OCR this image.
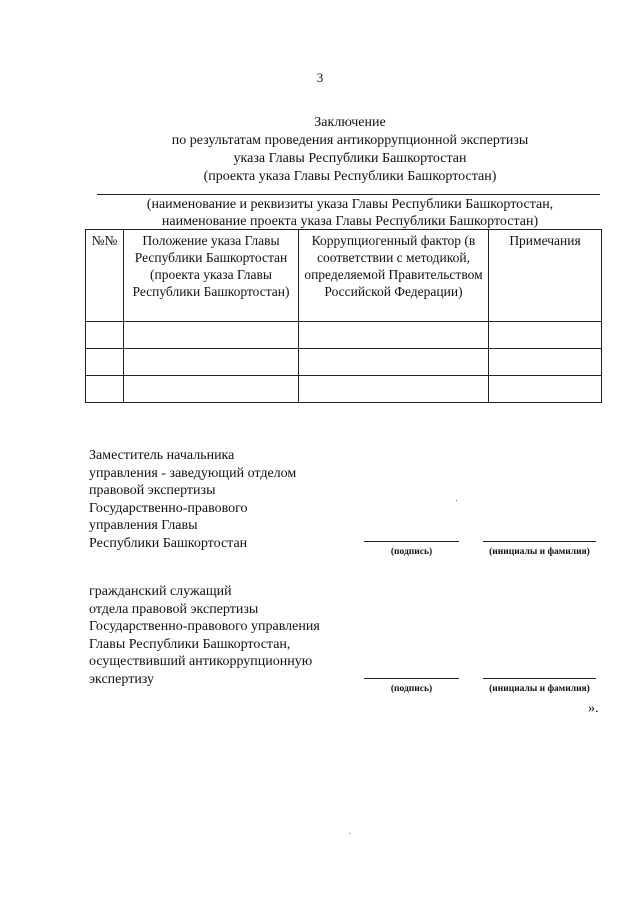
3
Заключение
по результатам проведения антикоррупционной экспертизы
указа Главы Республики Башкортостан
(проекта указа Главы Республики Башкортостан)
(наименование и реквизиты указа Главы Республики Башкортостан,
наименование проекта указа Главы Республики Башкортостан)
№№	Положение указа Главы Республики Башкортостан (проекта указа Главы Республики Башкортостан)	Коррупциогенный фактор (в соответствии с методикой, определяемой Правительством Российской Федерации)	Примечания

Заместитель начальника
управления - заведующий отделом
правовой экспертизы
Государственно-правового
управления Главы
Республики Башкортостан
(подпись)	(инициалы и фамилия)
гражданский служащий
отдела правовой экспертизы
Государственно-правового управления
Главы Республики Башкортостан,
осуществивший антикоррупционную
экспертизу
(подпись)	(инициалы и фамилия)
».
